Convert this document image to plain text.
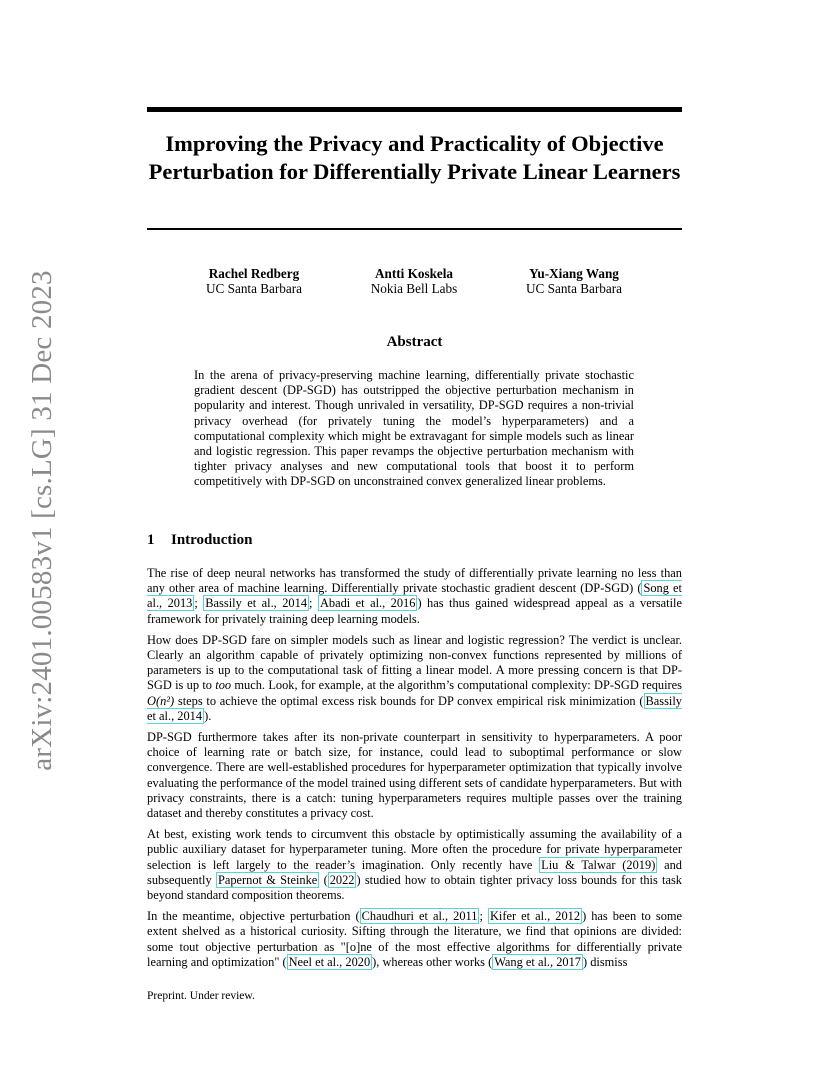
arXiv:2401.00583v1 [cs.LG] 31 Dec 2023
Improving the Privacy and Practicality of Objective Perturbation for Differentially Private Linear Learners
Rachel Redberg
UC Santa Barbara
Antti Koskela
Nokia Bell Labs
Yu-Xiang Wang
UC Santa Barbara
Abstract

In the arena of privacy-preserving machine learning, differentially private stochastic gradient descent (DP-SGD) has outstripped the objective perturbation mechanism in popularity and interest. Though unrivaled in versatility, DP-SGD requires a non-trivial privacy overhead (for privately tuning the model’s hyperparameters) and a computational complexity which might be extravagant for simple models such as linear and logistic regression. This paper revamps the objective perturbation mechanism with tighter privacy analyses and new computational tools that boost it to perform competitively with DP-SGD on unconstrained convex generalized linear problems.

1 Introduction

The rise of deep neural networks has transformed the study of differentially private learning no less than any other area of machine learning. Differentially private stochastic gradient descent (DP-SGD) ( Song et al., 2013 ; Bassily et al., 2014 ; Abadi et al., 2016 ) has thus gained widespread appeal as a versatile framework for privately training deep learning models.

How does DP-SGD fare on simpler models such as linear and logistic regression? The verdict is unclear. Clearly an algorithm capable of privately optimizing non-convex functions represented by millions of parameters is up to the computational task of fitting a linear model. A more pressing concern is that DP-SGD is up to too much. Look, for example, at the algorithm’s computational complexity: DP-SGD requires O(n²) steps to achieve the optimal excess risk bounds for DP convex empirical risk minimization ( Bassily et al., 2014 ).

DP-SGD furthermore takes after its non-private counterpart in sensitivity to hyperparameters. A poor choice of learning rate or batch size, for instance, could lead to suboptimal performance or slow convergence. There are well-established procedures for hyperparameter optimization that typically involve evaluating the performance of the model trained using different sets of candidate hyperparameters. But with privacy constraints, there is a catch: tuning hyperparameters requires multiple passes over the training dataset and thereby constitutes a privacy cost.

At best, existing work tends to circumvent this obstacle by optimistically assuming the availability of a public auxiliary dataset for hyperparameter tuning. More often the procedure for private hyperparameter selection is left largely to the reader’s imagination. Only recently have Liu & Talwar (2019) and subsequently Papernot & Steinke ( 2022 ) studied how to obtain tighter privacy loss bounds for this task beyond standard composition theorems.

In the meantime, objective perturbation ( Chaudhuri et al., 2011 ; Kifer et al., 2012 ) has been to some extent shelved as a historical curiosity. Sifting through the literature, we find that opinions are divided: some tout objective perturbation as "[o]ne of the most effective algorithms for differentially private learning and optimization" ( Neel et al., 2020 ), whereas other works ( Wang et al., 2017 ) dismiss

Preprint. Under review.
